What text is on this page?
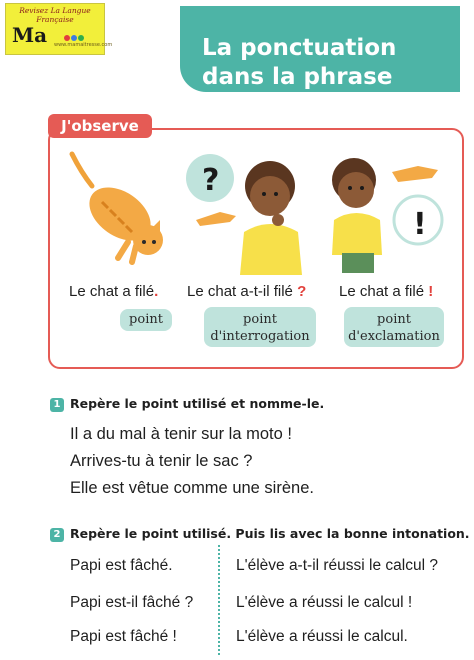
Revisez La Langue Française
Ma www.mamaitresse.com	La ponctuation
dans la phrase
J'observe
?
!
Le chat a filé. Le chat a-t-il filé ? Le chat a filé !
point	point
d'interrogation
point
d'exclamation
1 Repère le point utilisé et nomme-le.
Il a du mal à tenir sur la moto !
Arrives-tu à tenir le sac ?
Elle est vêtue comme une sirène.
2 Repère le point utilisé. Puis lis avec la bonne intonation.
Papi est fâché.
Papi est-il fâché ?
Papi est fâché !
L'élève a-t-il réussi le calcul ?
L'élève a réussi le calcul !
L'élève a réussi le calcul.
